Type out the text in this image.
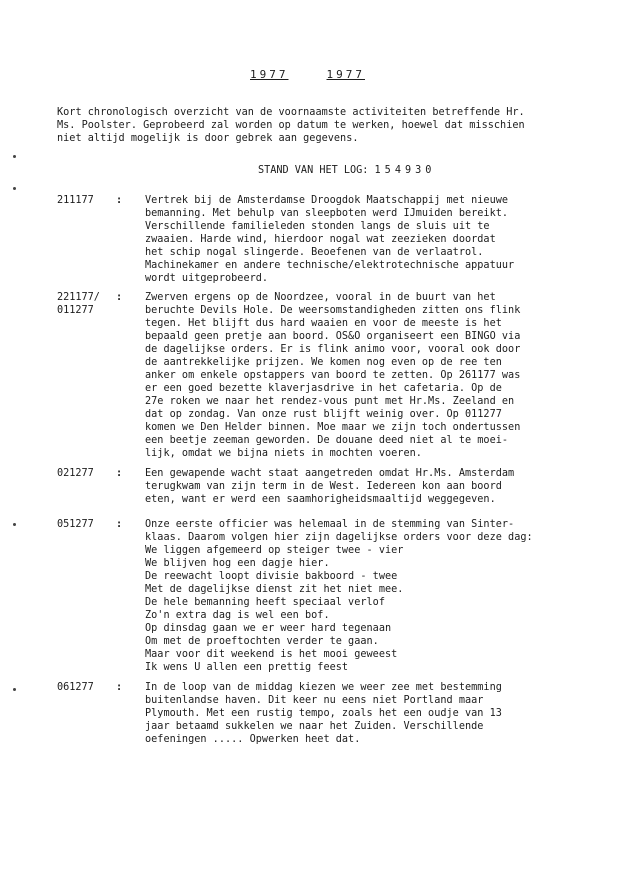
1977	1977
Kort chronologisch overzicht van de voornaamste activiteiten betreffende Hr.
Ms. Poolster. Geprobeerd zal worden op datum te werken, hoewel dat misschien
niet altijd mogelijk is door gebrek aan gegevens.
STAND VAN HET LOG: 154930
211177 : Vertrek bij de Amsterdamse Droogdok Maatschappij met nieuwe
bemanning. Met behulp van sleepboten werd IJmuiden bereikt.
Verschillende familieleden stonden langs de sluis uit te
zwaaien. Harde wind, hierdoor nogal wat zeezieken doordat
het schip nogal slingerde. Beoefenen van de verlaatrol.
Machinekamer en andere technische/elektrotechnische appatuur
wordt uitgeprobeerd.
221177/
011277
: Zwerven ergens op de Noordzee, vooral in de buurt van het
beruchte Devils Hole. De weersomstandigheden zitten ons flink
tegen. Het blijft dus hard waaien en voor de meeste is het
bepaald geen pretje aan boord. OS&O organiseert een BINGO via
de dagelijkse orders. Er is flink animo voor, vooral ook door
de aantrekkelijke prijzen. We komen nog even op de ree ten
anker om enkele opstappers van boord te zetten. Op 261177 was
er een goed bezette klaverjasdrive in het cafetaria. Op de
27e roken we naar het rendez-vous punt met Hr.Ms. Zeeland en
dat op zondag. Van onze rust blijft weinig over. Op 011277
komen we Den Helder binnen. Moe maar we zijn toch ondertussen
een beetje zeeman geworden. De douane deed niet al te moei-
lijk, omdat we bijna niets in mochten voeren.
021277 : Een gewapende wacht staat aangetreden omdat Hr.Ms. Amsterdam
terugkwam van zijn term in de West. Iedereen kon aan boord
eten, want er werd een saamhorigheidsmaaltijd weggegeven.
051277 : Onze eerste officier was helemaal in de stemming van Sinter-
klaas. Daarom volgen hier zijn dagelijkse orders voor deze dag:
We liggen afgemeerd op steiger twee - vier
We blijven hog een dagje hier.
De reewacht loopt divisie bakboord - twee
Met de dagelijkse dienst zit het niet mee.
De hele bemanning heeft speciaal verlof
Zo'n extra dag is wel een bof.
Op dinsdag gaan we er weer hard tegenaan
Om met de proeftochten verder te gaan.
Maar voor dit weekend is het mooi geweest
Ik wens U allen een prettig feest
061277 : In de loop van de middag kiezen we weer zee met bestemming
buitenlandse haven. Dit keer nu eens niet Portland maar
Plymouth. Met een rustig tempo, zoals het een oudje van 13
jaar betaamd sukkelen we naar het Zuiden. Verschillende
oefeningen ..... Opwerken heet dat.
